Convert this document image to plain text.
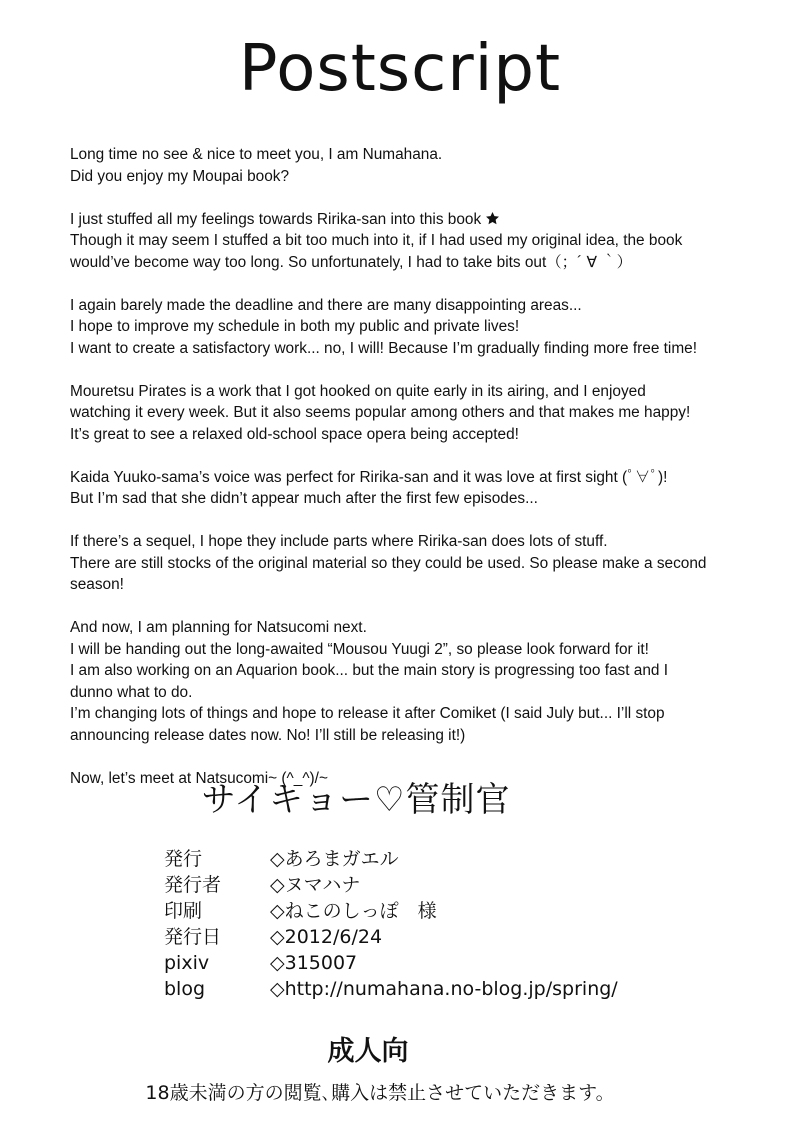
Postscript

Long time no see & nice to meet you, I am Numahana.
Did you enjoy my Moupai book?

I just stuffed all my feelings towards Ririka-san into this book
Though it may seem I stuffed a bit too much into it, if I had used my original idea, the book
would’ve become way too long. So unfortunately, I had to take bits out（；´ ∀ ｀）

I again barely made the deadline and there are many disappointing areas...
I hope to improve my schedule in both my public and private lives!
I want to create a satisfactory work... no, I will! Because I’m gradually finding more free time!

Mouretsu Pirates is a work that I got hooked on quite early in its airing, and I enjoyed
watching it every week. But it also seems popular among others and that makes me happy!
It’s great to see a relaxed old-school space opera being accepted!

Kaida Yuuko-sama’s voice was perfect for Ririka-san and it was love at first sight (ﾟ∀ﾟ)!
But I’m sad that she didn’t appear much after the first few episodes...

If there’s a sequel, I hope they include parts where Ririka-san does lots of stuff.
There are still stocks of the original material so they could be used. So please make a second
season!

And now, I am planning for Natsucomi next.
I will be handing out the long-awaited “Mousou Yuugi 2”, so please look forward for it!
I am also working on an Aquarion book... but the main story is progressing too fast and I
dunno what to do.
I’m changing lots of things and hope to release it after Comiket (I said July but... I’ll stop
announcing release dates now. No! I’ll still be releasing it!)

Now, let’s meet at Natsucomi~ (^_^)/~

サイキョー♡管制官
発行	◇あろまガエル
発行者	◇ヌマハナ
印刷	◇ねこのしっぽ　様
発行日	◇2012/6/24
pixiv	◇315007
blog	◇http://numahana.no-blog.jp/spring/
成人向
18歳未満の方の閲覧､購入は禁止させていただきます。
